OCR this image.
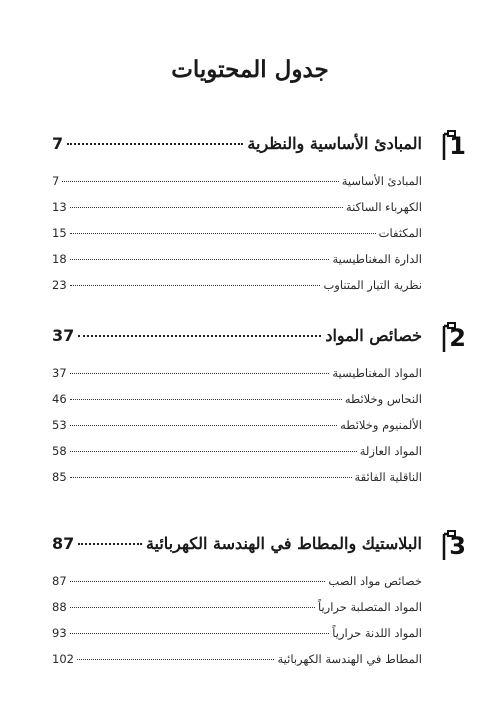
جدول المحتويات
1
المبادئ الأساسية والنظرية
7
المبادئ الأساسية
7
الكهرباء الساكنة
13
المكثفات
15
الدارة المغناطيسية
18
نظرية التيار المتناوب
23
2
خصائص المواد
37
المواد المغناطيسية
37
النحاس وخلائطه
46
الألمنيوم وخلائطه
53
المواد العازلة
58
الناقلية الفائقة
85
3
البلاستيك والمطاط في الهندسة الكهربائية
87
خصائص مواد الصب
87
المواد المتصلبة حرارياً
88
المواد اللدنة حرارياً
93
المطاط في الهندسة الكهربائية
102
